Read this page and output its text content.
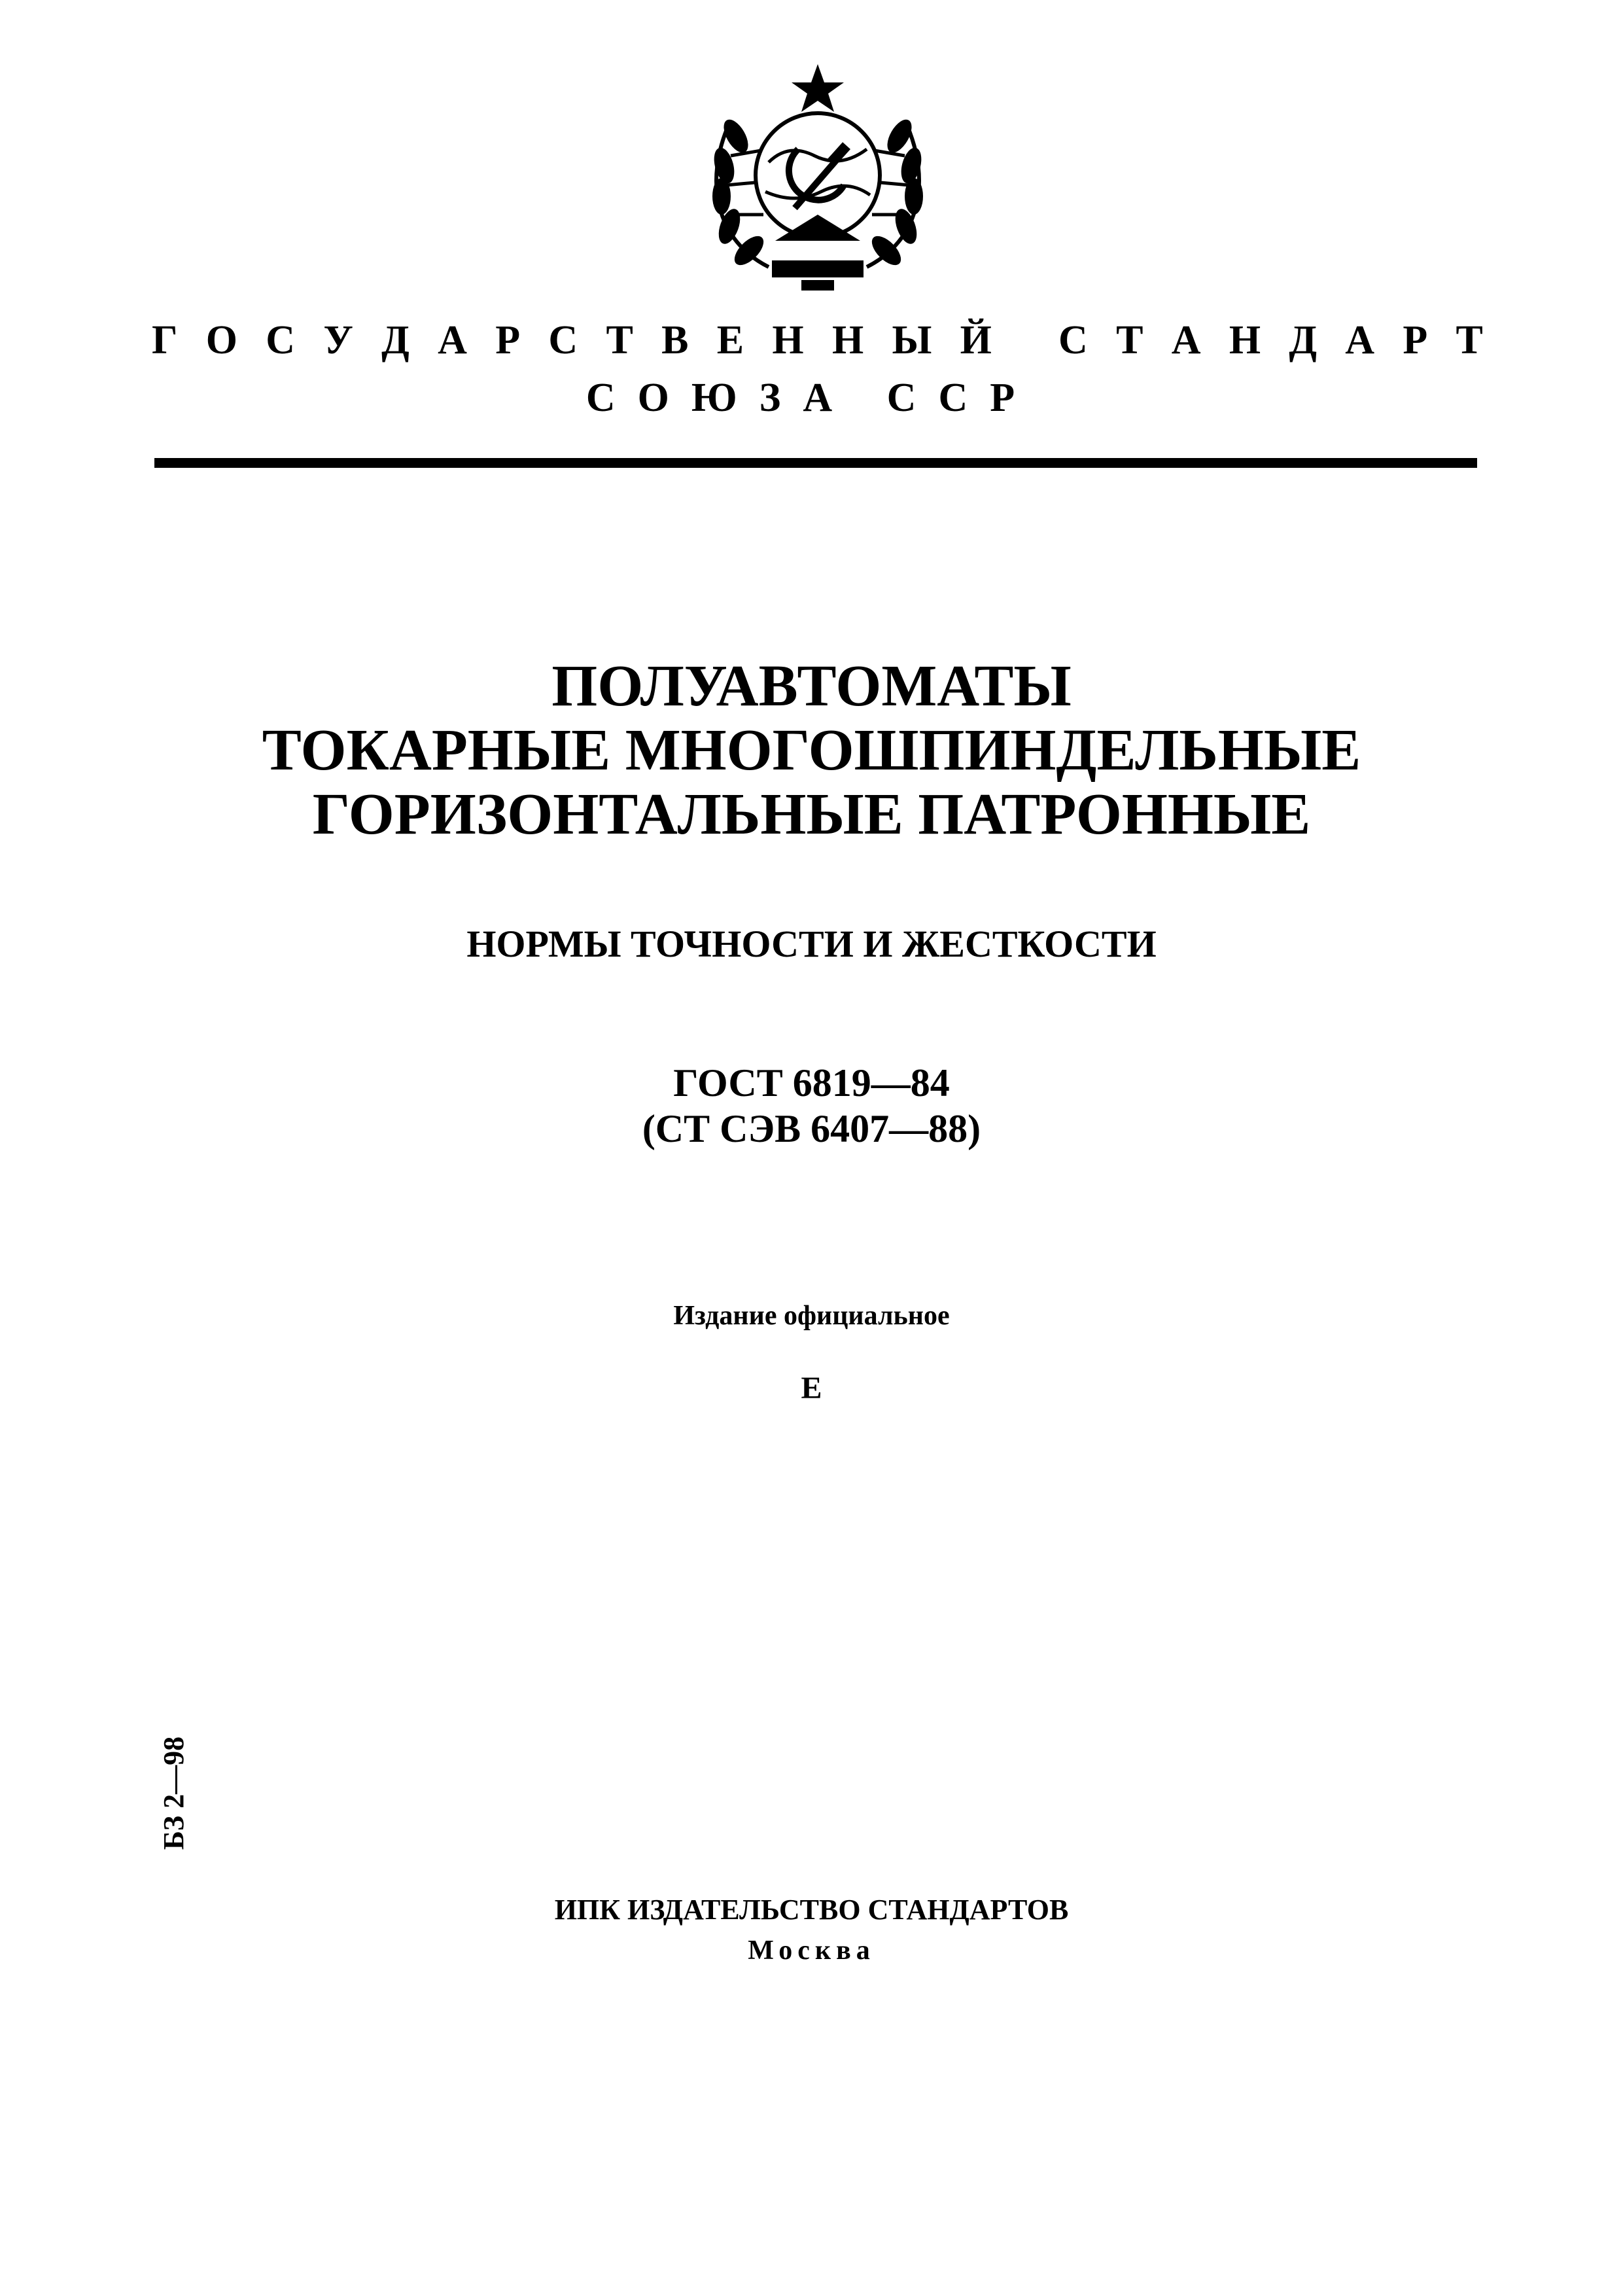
Г О С У Д А Р С Т В Е Н Н Ы Й
С Т А Н Д А Р Т
СОЮЗА ССР
ПОЛУАВТОМАТЫ
ТОКАРНЫЕ МНОГОШПИНДЕЛЬНЫЕ
ГОРИЗОНТАЛЬНЫЕ ПАТРОННЫЕ
НОРМЫ ТОЧНОСТИ И ЖЕСТКОСТИ
ГОСТ 6819—84
(СТ СЭВ 6407—88)
Издание официальное
Е
БЗ 2—98
ИПК ИЗДАТЕЛЬСТВО СТАНДАРТОВ
Москва
